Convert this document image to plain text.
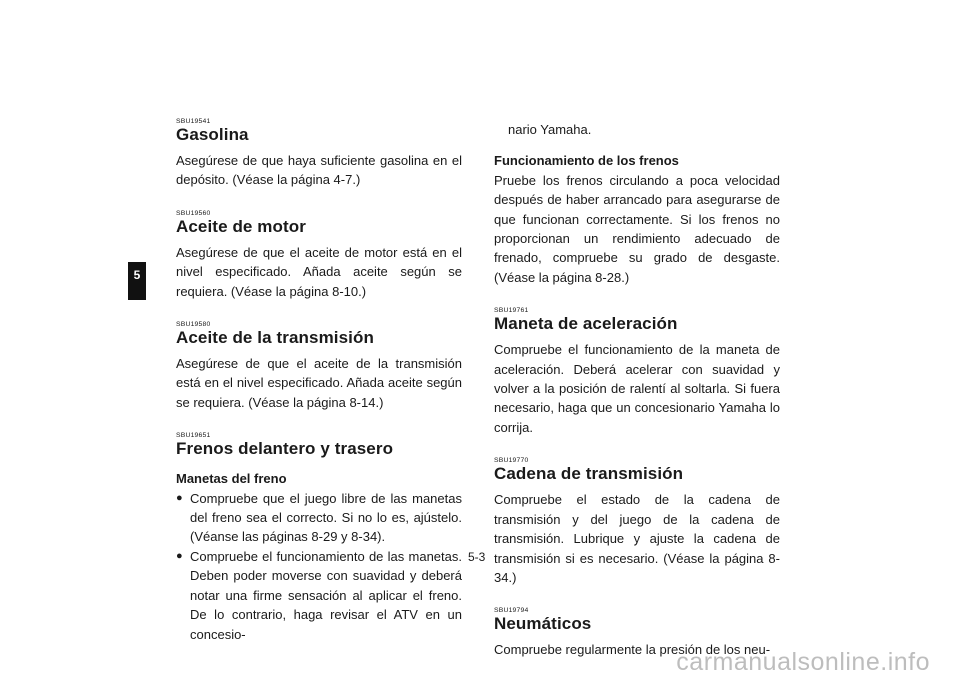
5

SBU19541

Gasolina

Asegúrese de que haya suficiente gasolina en el depósito. (Véase la página 4-7.)

SBU19560

Aceite de motor

Asegúrese de que el aceite de motor está en el nivel especificado. Añada aceite según se requiera. (Véase la página 8-10.)

SBU19580

Aceite de la transmisión

Asegúrese de que el aceite de la transmisión está en el nivel especificado. Añada aceite según se requiera. (Véase la página 8-14.)

SBU19651

Frenos delantero y trasero

Manetas del freno

● Compruebe que el juego libre de las manetas del freno sea el correcto. Si no lo es, ajústelo. (Véanse las páginas 8-29 y 8-34).
● Compruebe el funcionamiento de las manetas. Deben poder moverse con suavidad y deberá notar una firme sensación al aplicar el freno. De lo contrario, haga revisar el ATV en un concesio-

nario Yamaha.

Funcionamiento de los frenos

Pruebe los frenos circulando a poca velocidad después de haber arrancado para asegurarse de que funcionan correctamente. Si los frenos no proporcionan un rendimiento adecuado de frenado, compruebe su grado de desgaste. (Véase la página 8-28.)

SBU19761

Maneta de aceleración

Compruebe el funcionamiento de la maneta de aceleración. Deberá acelerar con suavidad y volver a la posición de ralentí al soltarla. Si fuera necesario, haga que un concesionario Yamaha lo corrija.

SBU19770

Cadena de transmisión

Compruebe el estado de la cadena de transmisión y del juego de la cadena de transmisión. Lubrique y ajuste la cadena de transmisión si es necesario. (Véase la página 8-34.)

SBU19794

Neumáticos

Compruebe regularmente la presión de los neu-

5-3
carmanualsonline.info
